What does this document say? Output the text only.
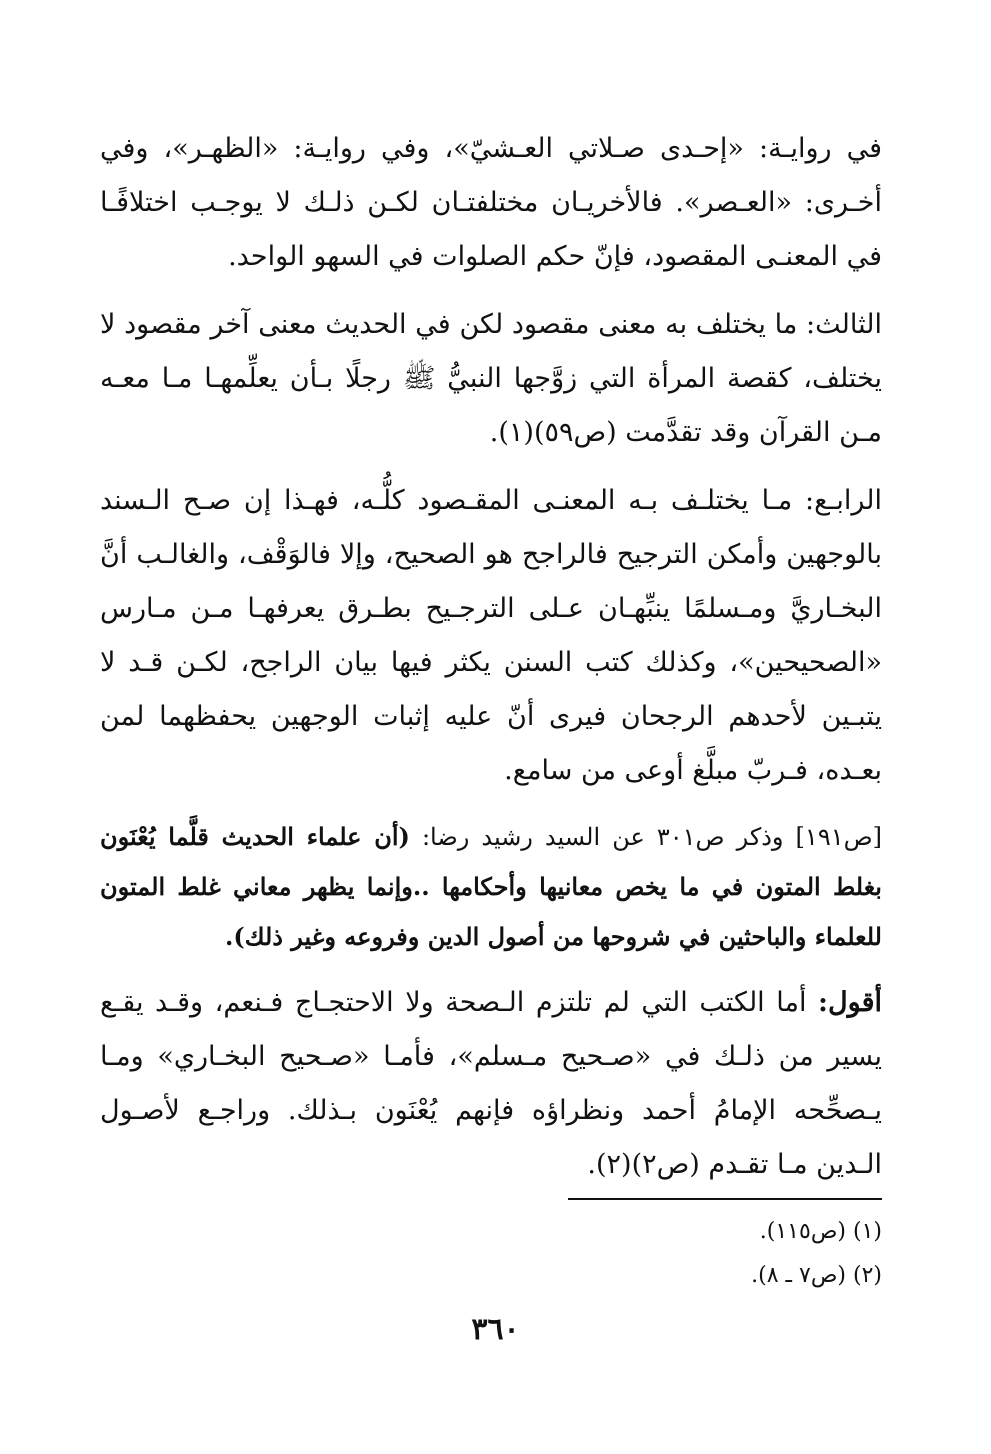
في روايـة: «إحـدى صـلاتي العـشيّ»، وفي روايـة: «الظهـر»، وفي أخـرى: «العـصر». فالأخريـان مختلفتـان لكـن ذلـك لا يوجـب اختلافًـا في المعنـى المقصود، فإنّ حكم الصلوات في السهو الواحد.

الثالث: ما يختلف به معنى مقصود لكن في الحديث معنى آخر مقصود لا يختلف، كقصة المرأة التي زوَّجها النبيُّ ﷺ رجلًا بـأن يعلِّمهـا مـا معـه مـن القرآن وقد تقدَّمت (ص٥٩)(١).

الرابـع: مـا يختلـف بـه المعنـى المقـصود كلُّـه، فهـذا إن صـح الـسند بالوجهين وأمكن الترجيح فالراجح هو الصحيح، وإلا فالوَقْف، والغالـب أنَّ البخـاريَّ ومـسلمًا ينبِّهـان عـلى الترجـيح بطـرق يعرفهـا مـن مـارس «الصحيحين»، وكذلك كتب السنن يكثر فيها بيان الراجح، لكـن قـد لا يتبـين لأحدهم الرجحان فيرى أنّ عليه إثبات الوجهين يحفظهما لمن بعـده، فـربّ مبلَّغ أوعى من سامع.

[ص١٩١] وذكر ص٣٠١ عن السيد رشيد رضا: (أن علماء الحديث قلَّما يُعْنَون بغلط المتون في ما يخص معانيها وأحكامها ..وإنما يظهر معاني غلط المتون للعلماء والباحثين في شروحها من أصول الدين وفروعه وغير ذلك).

أقول: أما الكتب التي لم تلتزم الـصحة ولا الاحتجـاج فـنعم، وقـد يقـع يسير من ذلـك في «صـحيح مـسلم»، فأمـا «صـحيح البخـاري» ومـا يـصحِّحه الإمامُ أحمد ونظراؤه فإنهم يُعْنَون بـذلك. وراجـع لأصـول الـدين مـا تقـدم (ص٢)(٢).

(١) (ص١١٥).
(٢) (ص٧ ـ ٨).
٣٦٠
